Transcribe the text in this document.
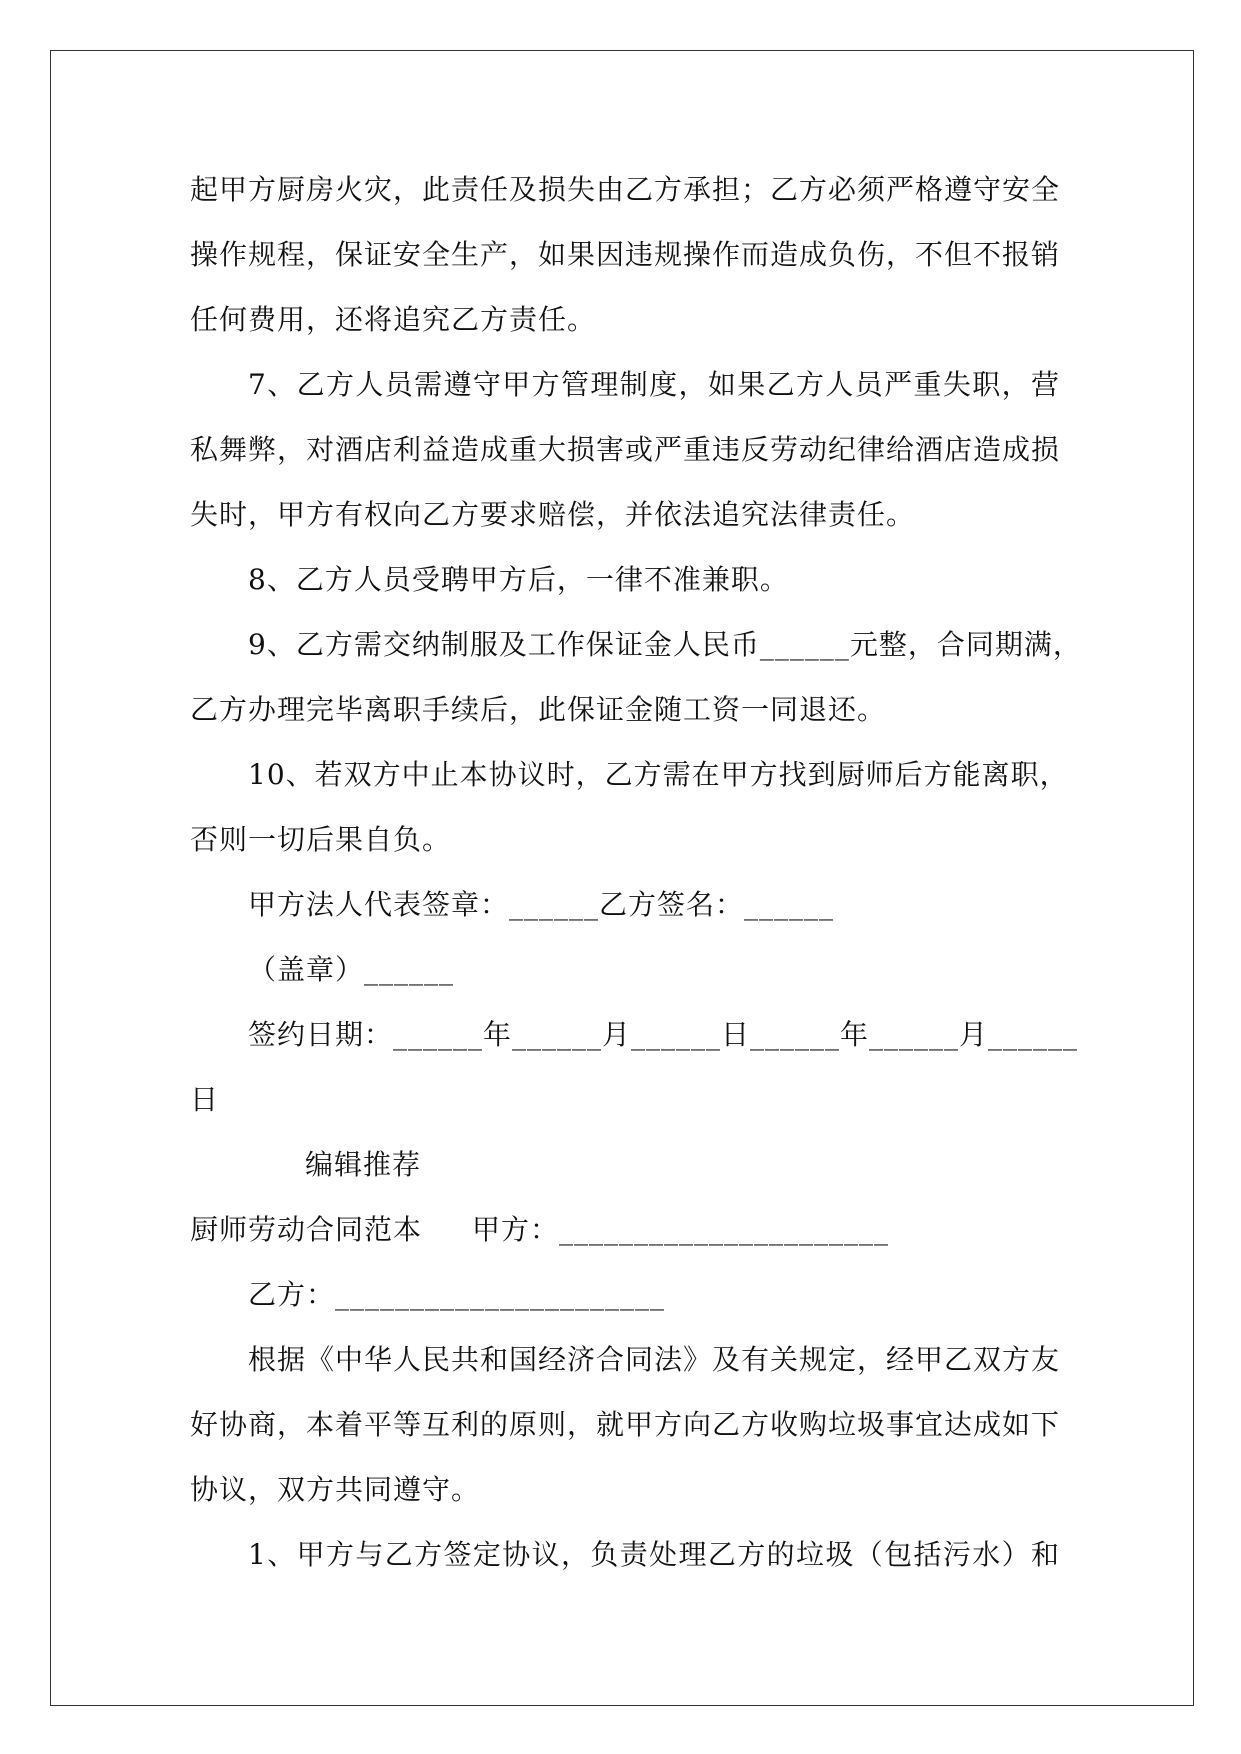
起甲方厨房火灾，此责任及损失由乙方承担；乙方必须严格遵守安全
操作规程，保证安全生产，如果因违规操作而造成负伤，不但不报销
任何费用，还将追究乙方责任。
7、乙方人员需遵守甲方管理制度，如果乙方人员严重失职，营
私舞弊，对酒店利益造成重大损害或严重违反劳动纪律给酒店造成损
失时，甲方有权向乙方要求赔偿，并依法追究法律责任。
8、乙方人员受聘甲方后，一律不准兼职。
9、乙方需交纳制服及工作保证金人民币______元整，合同期满，
乙方办理完毕离职手续后，此保证金随工资一同退还。
10、若双方中止本协议时，乙方需在甲方找到厨师后方能离职，
否则一切后果自负。
甲方法人代表签章：______乙方签名：______
（盖章）______
签约日期：______年______月______日______年______月______
日
编辑推荐
厨师劳动合同范本 甲方：______________________
乙方：______________________
根据《中华人民共和国经济合同法》及有关规定，经甲乙双方友
好协商，本着平等互利的原则，就甲方向乙方收购垃圾事宜达成如下
协议，双方共同遵守。
1、甲方与乙方签定协议，负责处理乙方的垃圾（包括污水）和
